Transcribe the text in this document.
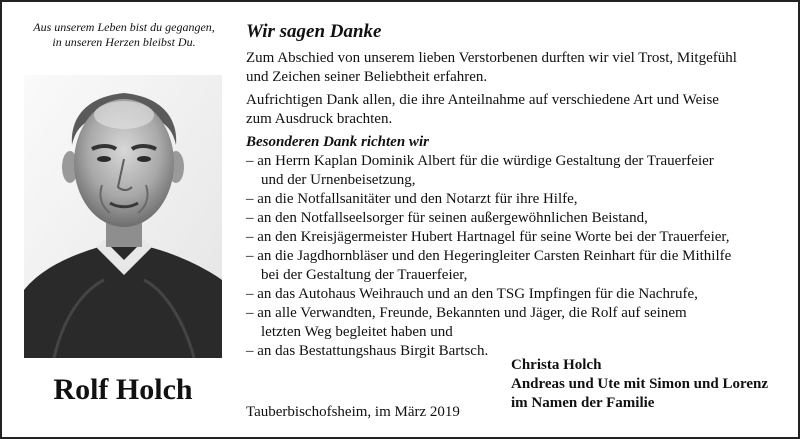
Aus unserem Leben bist du gegangen,
in unseren Herzen bleibst Du.
Rolf Holch
Wir sagen Danke
Zum Abschied von unserem lieben Verstorbenen durften wir viel Trost, Mitgefühl
und Zeichen seiner Beliebtheit erfahren.
Aufrichtigen Dank allen, die ihre Anteilnahme auf verschiedene Art und Weise
zum Ausdruck brachten.
Besonderen Dank richten wir
– an Herrn Kaplan Dominik Albert für die würdige Gestaltung der Trauerfeier
und der Urnenbeisetzung,
– an die Notfallsanitäter und den Notarzt für ihre Hilfe,
– an den Notfallseelsorger für seinen außergewöhnlichen Beistand,
– an den Kreisjägermeister Hubert Hartnagel für seine Worte bei der Trauerfeier,
– an die Jagdhornbläser und den Hegeringleiter Carsten Reinhart für die Mithilfe
bei der Gestaltung der Trauerfeier,
– an das Autohaus Weihrauch und an den TSG Impfingen für die Nachrufe,
– an alle Verwandten, Freunde, Bekannten und Jäger, die Rolf auf seinem
letzten Weg begleitet haben und
– an das Bestattungshaus Birgit Bartsch.
Christa Holch
Andreas und Ute mit Simon und Lorenz
im Namen der Familie
Tauberbischofsheim, im März 2019
